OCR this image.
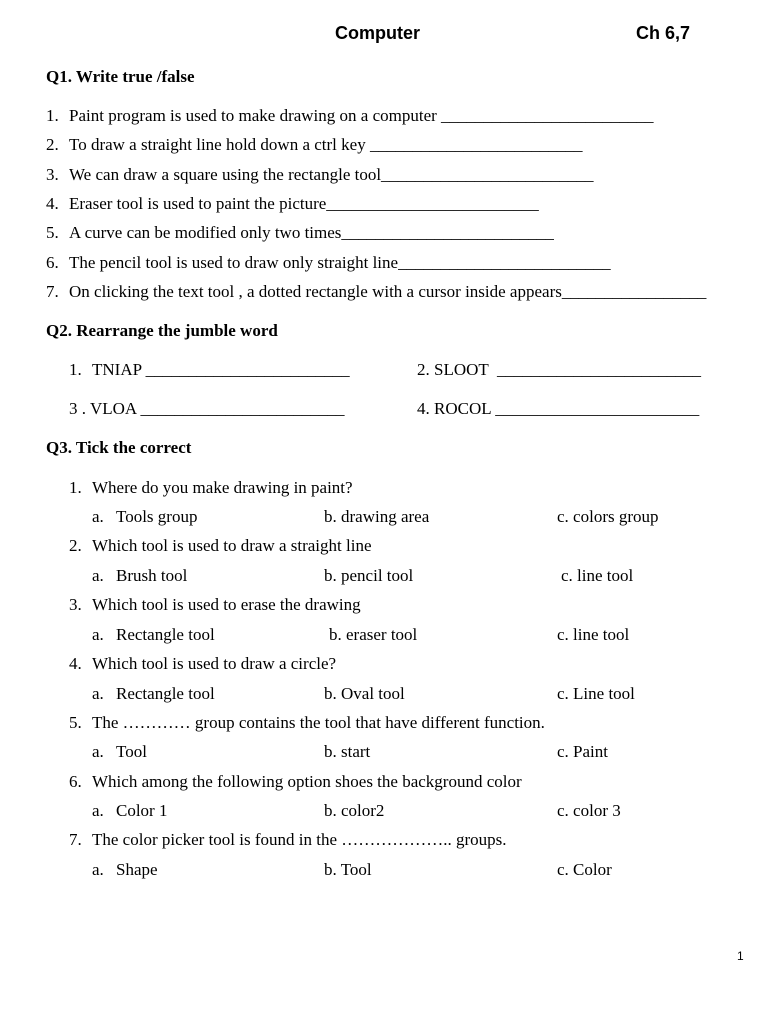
Computer	Ch 6,7
Q1. Write true /false
1. Paint program is used to make drawing on a computer _________________________
2. To draw a straight line hold down a ctrl key _________________________
3. We can draw a square using the rectangle tool_________________________
4. Eraser tool is used to paint the picture_________________________
5. A curve can be modified only two times_________________________
6. The pencil tool is used to draw only straight line_________________________
7. On clicking the text tool , a dotted rectangle with a cursor inside appears_________________
Q2. Rearrange the jumble word
1. TNIAP ________________________	2. SLOOT  ________________________
3 . VLOA ________________________	4. ROCOL ________________________
Q3. Tick the correct
1. Where do you make drawing in paint?
a. Tools group	b. drawing area	c. colors group
2. Which tool is used to draw a straight line
a. Brush tool	b. pencil tool	c. line tool
3. Which tool is used to erase the drawing
a. Rectangle tool	b. eraser tool	c. line tool
4. Which tool is used to draw a circle?
a. Rectangle tool	b. Oval tool	c. Line tool
5. The ………… group contains the tool that have different function.
a. Tool	b. start	c. Paint
6. Which among the following option shoes the background color
a. Color 1	b. color2	c. color 3
7. The color picker tool is found in the ……………….. groups.
a. Shape	b. Tool	c. Color
1
